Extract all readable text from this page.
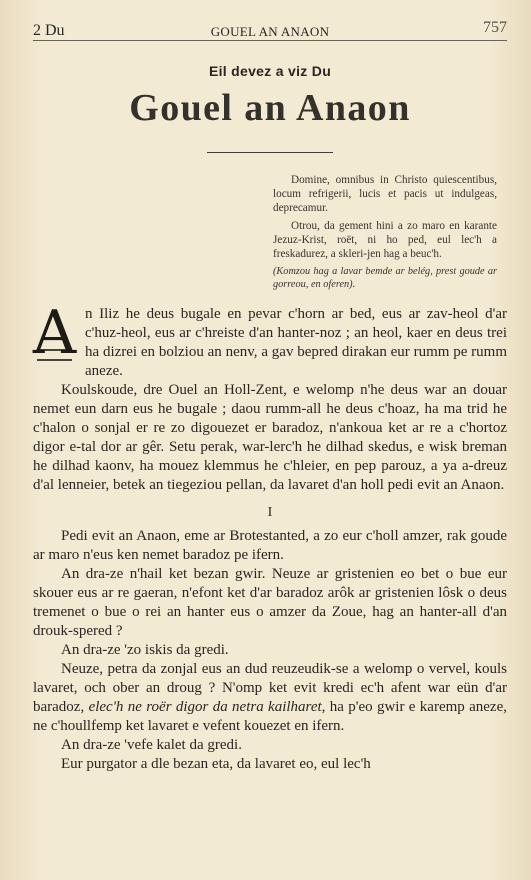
2 Du	GOUEL AN ANAON	757
Eil devez a viz Du
Gouel an Anaon

Domine, omnibus in Christo quiescentibus, locum refrigerii, lucis et pacis ut indulgeas, deprecamur.

Otrou, da gement hini a zo maro en karante Jezuz-Krist, roët, ni ho ped, eul lec'h a freskadurez, a skleri-jen hag a beuc'h.

(Komzou hag a lavar bemde ar belég, prest goude ar gorreou, en oferen).

A n Iliz he deus bugale en pevar c'horn ar bed, eus ar zav-heol d'ar c'huz-heol, eus ar c'hreiste d'an hanter-noz ; an heol, kaer en deus trei ha dizrei en bolziou an nenv, a gav bepred dirakan eur rumm pe rumm aneze.

Koulskoude, dre Ouel an Holl-Zent, e welomp n'he deus war an douar nemet eun darn eus he bugale ; daou rumm-all he deus c'hoaz, ha ma trid he c'halon o sonjal er re zo digouezet er baradoz, n'ankoua ket ar re a c'hortoz digor e-tal dor ar gêr. Setu perak, war-lerc'h he dilhad skedus, e wisk breman he dilhad kaonv, ha mouez klemmus he c'hleier, en pep parouz, a ya a-dreuz d'al lenneier, betek an tiegeziou pellan, da lavaret d'an holl pedi evit an Anaon.

I

Pedi evit an Anaon, eme ar Brotestanted, a zo eur c'holl amzer, rak goude ar maro n'eus ken nemet baradoz pe ifern.

An dra-ze n'hail ket bezan gwir. Neuze ar gristenien eo bet o bue eur skouer eus ar re gaeran, n'efont ket d'ar baradoz arôk ar gristenien lôsk o deus tremenet o bue o rei an hanter eus o amzer da Zoue, hag an hanter-all d'an drouk-spered ?

An dra-ze 'zo iskis da gredi.

Neuze, petra da zonjal eus an dud reuzeudik-se a welomp o vervel, kouls lavaret, och ober an droug ? N'omp ket evit kredi ec'h afent war eün d'ar baradoz, elec'h ne roër digor da netra kailharet, ha p'eo gwir e karemp aneze, ne c'houllfemp ket lavaret e vefent kouezet en ifern.

An dra-ze 'vefe kalet da gredi.

Eur purgator a dle bezan eta, da lavaret eo, eul lec'h
